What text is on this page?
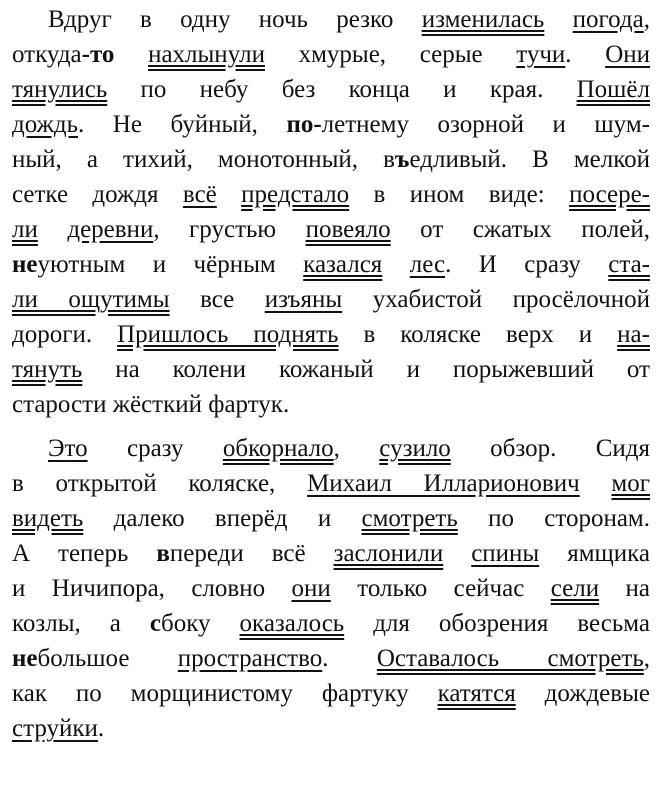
Вдруг в одну ночь резко изменилась погода,
откуда-то нахлынули хмурые, серые тучи. Они
тянулись по небу без конца и края. Пошёл
дождь. Не буйный, по-летнему озорной и шум-
ный, а тихий, монотонный, въедливый. В мелкой
сетке дождя всё предстало в ином виде: посере-
ли деревни, грустью повеяло от сжатых полей,
неуютным и чёрным казался лес. И сразу ста-
ли ощутимы все изъяны ухабистой просёлочной
дороги. Пришлось поднять в коляске верх и на-
тянуть на колени кожаный и порыжевший от
старости жёсткий фартук.
Это сразу обкорнало, сузило обзор. Сидя
в открытой коляске, Михаил Илларионович мог
видеть далеко вперёд и смотреть по сторонам.
А теперь впереди всё заслонили спины ямщика
и Ничипора, словно они только сейчас сели на
козлы, а сбоку оказалось для обозрения весьма
небольшое пространство. Оставалось смотреть,
как по морщинистому фартуку катятся дождевые
струйки.
